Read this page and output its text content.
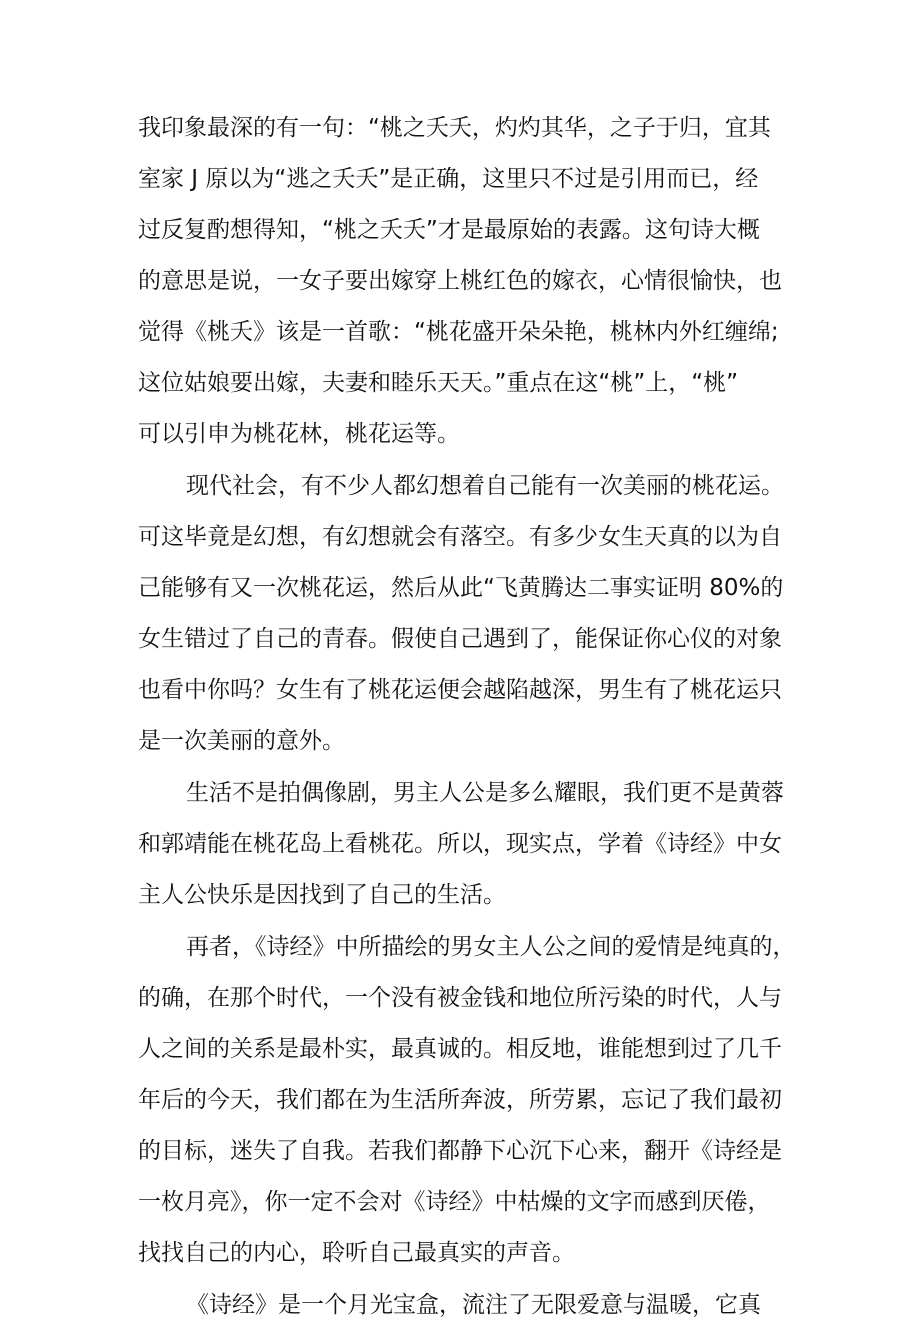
我印象最深的有一句：“桃之夭夭，灼灼其华，之子于归，宜其
室家 J 原以为“逃之夭夭”是正确，这里只不过是引用而已，经
过反复酌想得知，“桃之夭夭”才是最原始的表露。这句诗大概
的意思是说，一女子要出嫁穿上桃红色的嫁衣，心情很愉快，也
觉得《桃夭》该是一首歌：“桃花盛开朵朵艳，桃林内外红缠绵;
这位姑娘要出嫁，夫妻和睦乐天天。”重点在这“桃”上，“桃”
可以引申为桃花林，桃花运等。
现代社会，有不少人都幻想着自己能有一次美丽的桃花运。
可这毕竟是幻想，有幻想就会有落空。有多少女生天真的以为自
己能够有又一次桃花运，然后从此“飞黄腾达二事实证明 80%的
女生错过了自己的青春。假使自己遇到了，能保证你心仪的对象
也看中你吗？女生有了桃花运便会越陷越深，男生有了桃花运只
是一次美丽的意外。
生活不是拍偶像剧，男主人公是多么耀眼，我们更不是黄蓉
和郭靖能在桃花岛上看桃花。所以，现实点，学着《诗经》中女
主人公快乐是因找到了自己的生活。
再者，《诗经》中所描绘的男女主人公之间的爱情是纯真的，
的确，在那个时代，一个没有被金钱和地位所污染的时代，人与
人之间的关系是最朴实，最真诚的。相反地，谁能想到过了几千
年后的今天，我们都在为生活所奔波，所劳累，忘记了我们最初
的目标，迷失了自我。若我们都静下心沉下心来，翻开《诗经是
一枚月亮》，你一定不会对《诗经》中枯燥的文字而感到厌倦，
找找自己的内心，聆听自己最真实的声音。
《诗经》是一个月光宝盒，流注了无限爱意与温暖，它真
